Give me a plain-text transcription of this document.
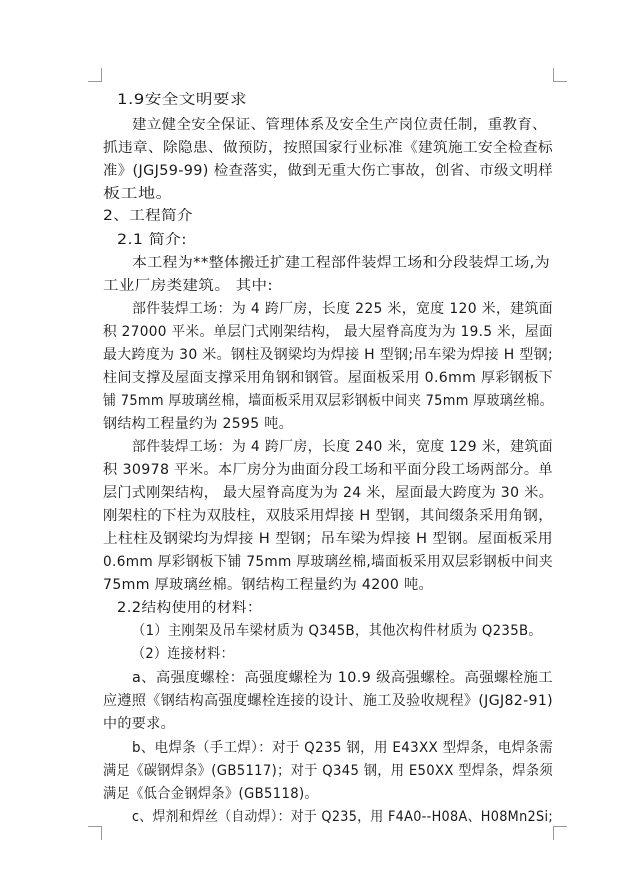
1.9安全文明要求
建立健全安全保证、管理体系及安全生产岗位责任制，重教育、
抓违章、除隐患、做预防，按照国家行业标准《建筑施工安全检查标
准》(JGJ59-99) 检查落实，做到无重大伤亡事故，创省、市级文明样
板工地。
2、工程简介
2.1 简介:
本工程为**整体搬迁扩建工程部件装焊工场和分段装焊工场,为
工业厂房类建筑。 其中:
部件装焊工场：为 4 跨厂房，长度 225 米，宽度 120 米，建筑面
积 27000 平米。单层门式刚架结构， 最大屋脊高度为为 19.5 米，屋面
最大跨度为 30 米。钢柱及钢梁均为焊接 H 型钢;吊车梁为焊接 H 型钢;
柱间支撑及屋面支撑采用角钢和钢管。屋面板采用 0.6mm 厚彩钢板下
铺 75mm 厚玻璃丝棉，墙面板采用双层彩钢板中间夹 75mm 厚玻璃丝棉。
钢结构工程量约为 2595 吨。
部件装焊工场：为 4 跨厂房，长度 240 米，宽度 129 米，建筑面
积 30978 平米。本厂房分为曲面分段工场和平面分段工场两部分。单
层门式刚架结构， 最大屋脊高度为为 24 米，屋面最大跨度为 30 米。
刚架柱的下柱为双肢柱，双肢采用焊接 H 型钢，其间缀条采用角钢，
上柱柱及钢梁均为焊接 H 型钢；吊车梁为焊接 H 型钢。屋面板采用
0.6mm 厚彩钢板下铺 75mm 厚玻璃丝棉,墙面板采用双层彩钢板中间夹
75mm 厚玻璃丝棉。钢结构工程量约为 4200 吨。
2.2结构使用的材料：
（1）主刚架及吊车梁材质为 Q345B，其他次构件材质为 Q235B。
（2）连接材料：
a、高强度螺栓：高强度螺栓为 10.9 级高强螺栓。高强螺栓施工
应遵照《钢结构高强度螺栓连接的设计、施工及验收规程》(JGJ82-91)
中的要求。
b、电焊条（手工焊）：对于 Q235 钢，用 E43XX 型焊条，电焊条需
满足《碳钢焊条》(GB5117)；对于 Q345 钢，用 E50XX 型焊条，焊条须
满足《低合金钢焊条》(GB5118)。
c、焊剂和焊丝（自动焊）：对于 Q235，用 F4A0--H08A、H08Mn2Si;
